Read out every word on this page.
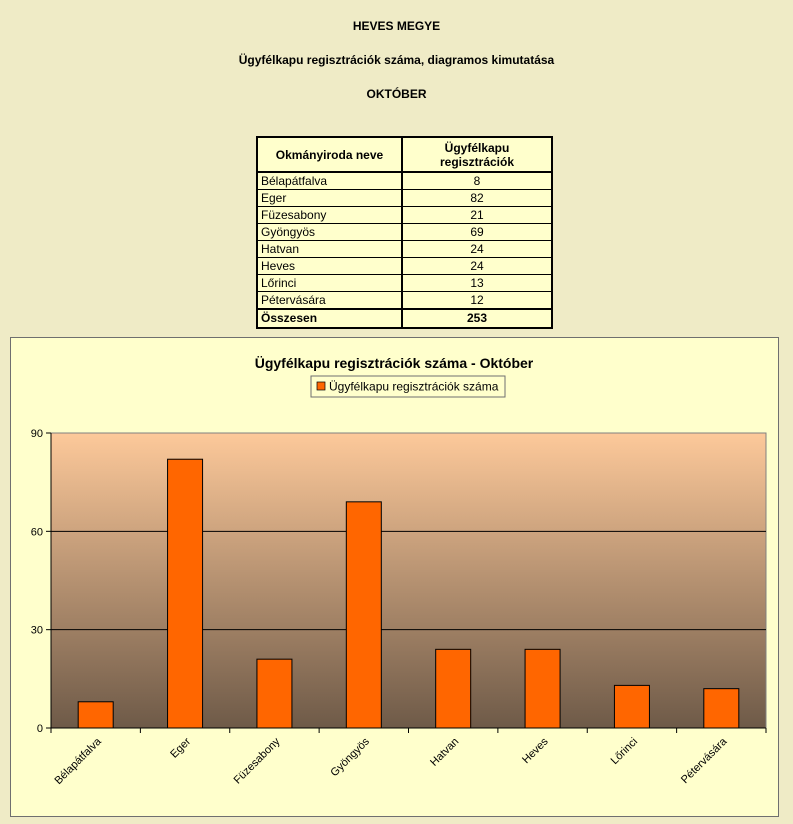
HEVES MEGYE
Ügyfélkapu regisztrációk száma, diagramos kimutatása
OKTÓBER
Okmányiroda neve	Ügyfélkapu
regisztrációk
Bélapátfalva	8
Eger	82
Füzesabony	21
Gyöngyös	69
Hatvan	24
Heves	24
Lőrinci	13
Pétervására	12
Összesen	253
Ügyfélkapu regisztrációk száma - Október
Ügyfélkapu regisztrációk száma
0
30
60
90
Bélapátfalva	Eger	Füzesabony	Gyöngyös	Hatvan	Heves	Lőrinci	Pétervására
